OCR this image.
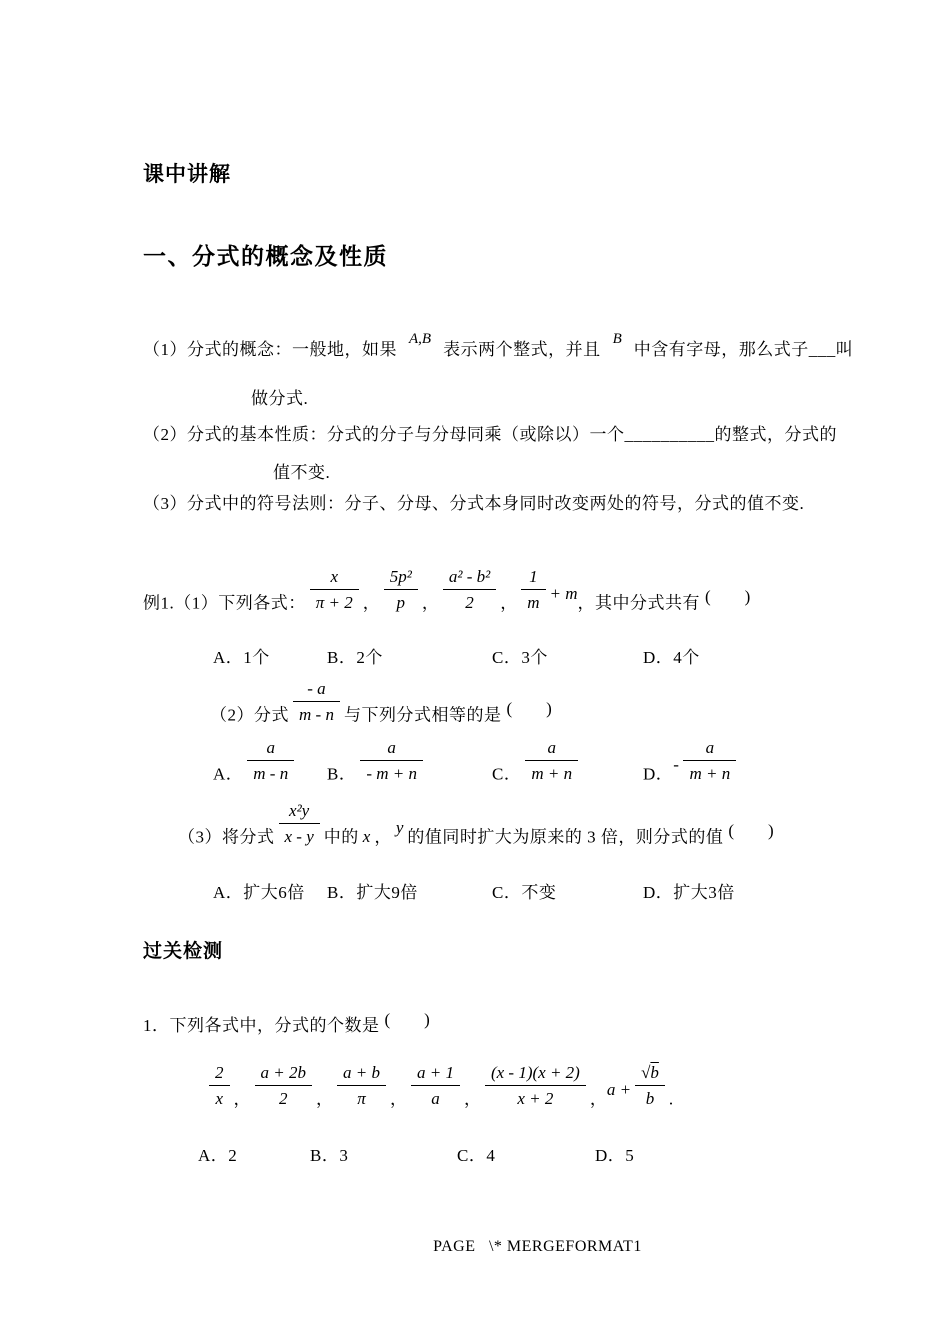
课中讲解
一、分式的概念及性质
（1）分式的概念：一般地，如果A,B表示两个整式，并且B中含有字母，那么式子___叫
做分式.
（2）分式的基本性质：分式的分子与分母同乘（或除以）一个__________的整式，分式的
值不变.
（3）分式中的符号法则：分子、分母、分式本身同时改变两处的符号，分式的值不变.
例1.（1）下列各式： $\frac{x}{\pi + 2}$ ， $\frac{\text{5p²}}{p}$ ， $\frac{\text{a² - b²}}{2}$ ， $\frac{1}{m} + m$，其中分式共有 (　　)
A．1个	B．2个	C．3个	D．4个
（2）分式 $\frac{- a}{m - n}$ 与下列分式相等的是 (　　)
A． $\frac{a}{m - n}$ B． $\frac{a}{- m + n}$	C． $\frac{a}{m + n}$	D．- $\frac{a}{m + n}$
（3）将分式 $\frac{\text{x²y}}{x - y}$ 中的 x ， y 的值同时扩大为原来的 3 倍，则分式的值 (　　)
A．扩大6倍	B．扩大9倍	C．不变	D．扩大3倍
过关检测
1．下列各式中，分式的个数是 (　　)
$\frac{2}{x}$ ， $\frac{a + 2b}{2}$ ， $\frac{a + b}{\pi}$ ， $\frac{a + 1}{a}$ ， $\frac{(x - 1)(x + 2)}{x + 2}$ ，$a + \frac{√b}{b}$ .
A．2	B．3	C．4	D．5
PAGE   \* MERGEFORMAT1
